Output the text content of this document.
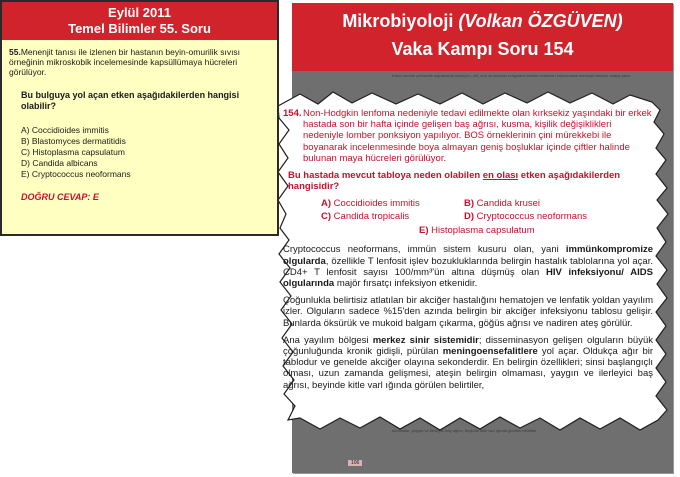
Mikrobiyoloji (Volkan ÖZGÜVEN)
Vaka Kampı Soru 154
Kalıcı immün yetmezlik olgularında lokasyon, cilt, oral ve kutanöz bulgularla birlikte beklenen kriptokoksal menenjit tablosu ortaya çıkar.
olmaması, yaygın ve ilerleyici baş ağrısı, beyinde kitle varl ığında görülen belirtiler,
106
154. Non-Hodgkin lenfoma nedeniyle tedavi edilmekte olan kırksekiz yaşındaki bir erkek hastada son bir hafta içinde gelişen baş ağrısı, kusma, kişilik değişiklikleri nedeniyle lomber ponksiyon yapılıyor. BOS örneklerinin çini mürekkebi ile boyanarak incelenmesinde boya almayan geniş boşluklar içinde çiftler halinde bulunan maya hücreleri görülüyor.
Bu hastada mevcut tabloya neden olabilen en olası etken aşağıdakilerden hangisidir?
A) Coccidioides immitis	B) Candida krusei
C) Candida tropicalis	D) Cryptococcus neoformans
E) Histoplasma capsulatum
Cryptococcus neoformans, immün sistem kusuru olan, yani immünkompromize olgularda, özellikle T lenfosit işlev bozukluklarında belirgin hastalık tablolarına yol açar. CD4+ T lenfosit sayısı 100/mm³'ün altına düşmüş olan HIV infeksiyonu/ AIDS olgularında majör fırsatçı infeksiyon etkenidir.
Çoğunlukla belirtisiz atlatılan bir akciğer hastalığını hematojen ve lenfatik yoldan yayılım izler. Olguların sadece %15'den azında belirgin bir akciğer infeksiyonu tablosu gelişir. Bunlarda öksürük ve mukoid balgam çıkarma, göğüs ağrısı ve nadiren ateş görülür.
Ana yayılım bölgesi merkez sinir sistemidir; disseminasyon gelişen olguların büyük çoğunluğunda kronik gidişli, pürülan meningoensefalitlere yol açar. Oldukça ağır bir tablodur ve genelde akciğer olayına sekonderdir. En belirgin özellikleri; sinsi başlangıçlı olması, uzun zamanda gelişmesi, ateşin belirgin olmaması, yaygın ve ilerleyici baş ağrısı, beyinde kitle varl ığında görülen belirtiler,
Eylül 2011
Temel Bilimler 55. Soru
55.Menenjit tanısı ile izlenen bir hastanın beyin-omurilik sıvısı örneğinin mikroskobik incelemesinde kapsüllümaya hücreleri görülüyor.
Bu bulguya yol açan etken aşağıdakilerden hangisi olabilir?
A) Coccidioides immitis
B) Blastomyces dermatitidis
C) Histoplasma capsulatum
D) Candida albicans
E) Cryptococcus neoformans
DOĞRU CEVAP: E
